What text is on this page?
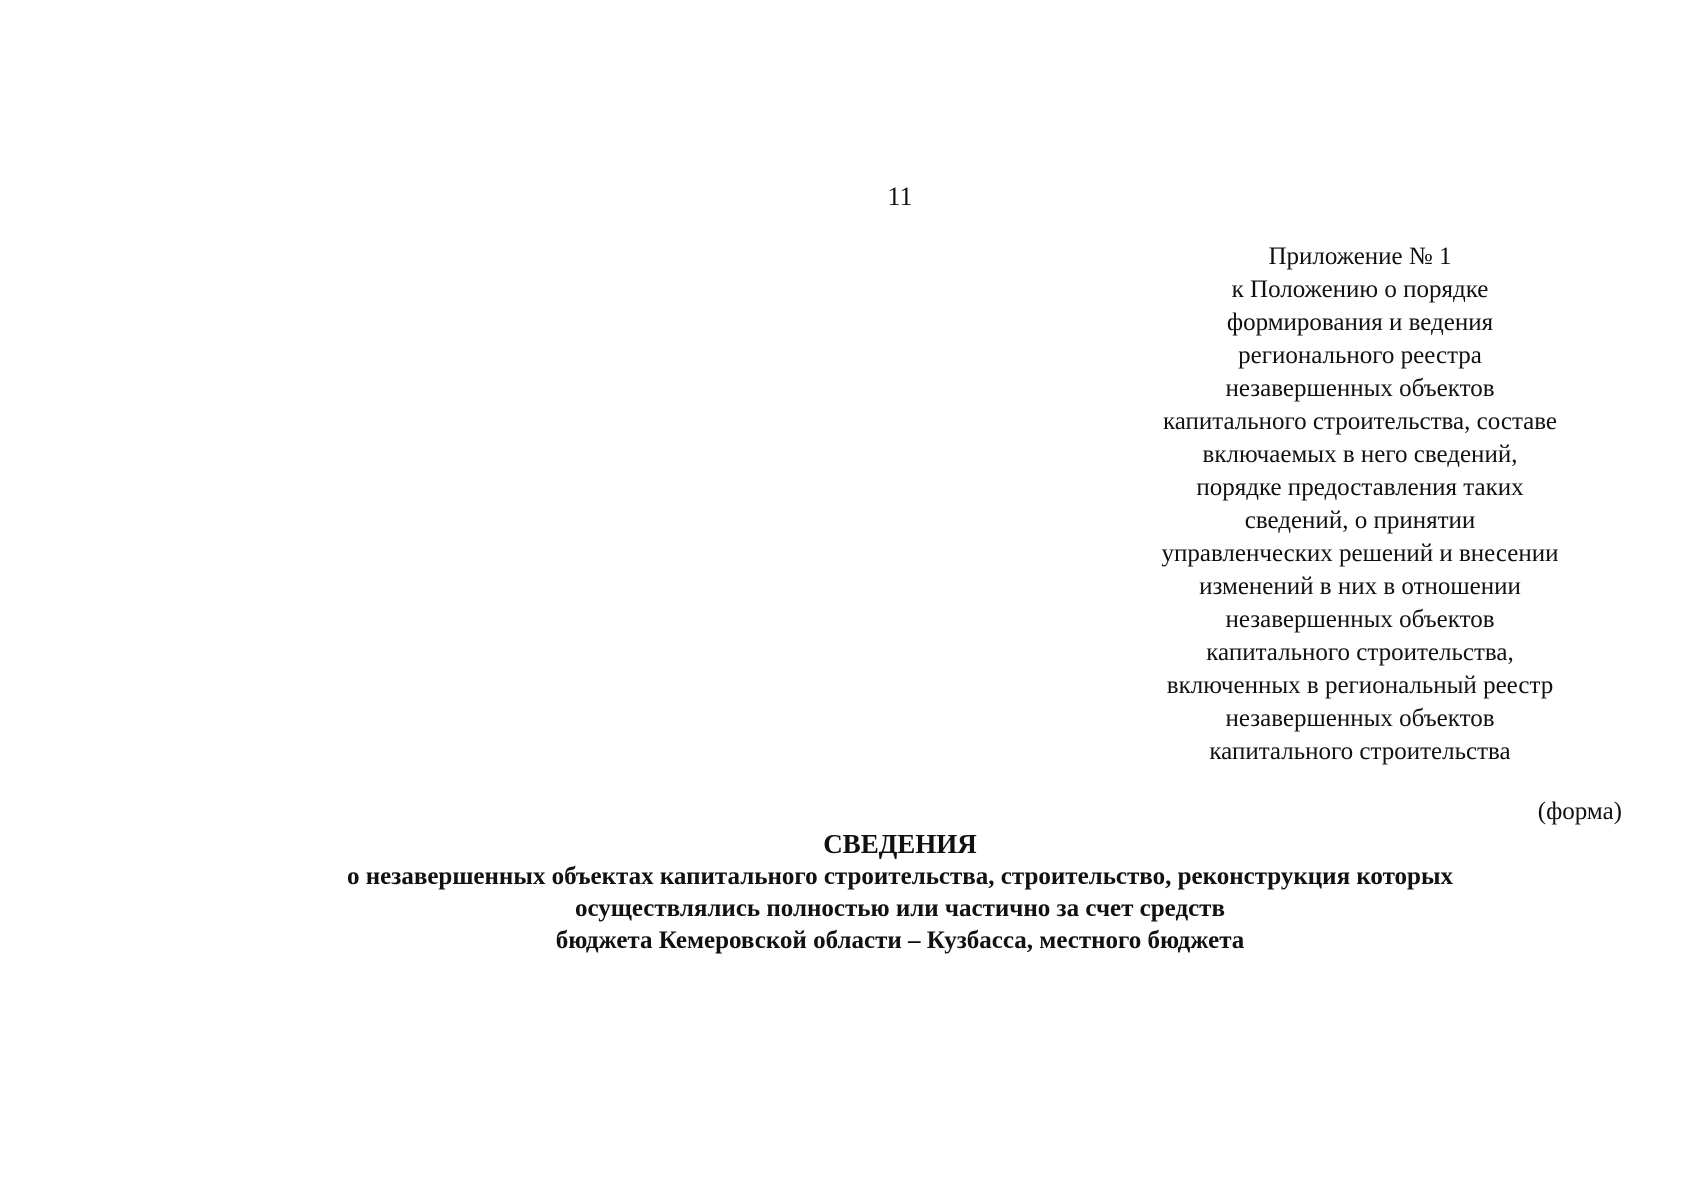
11
Приложение № 1
к Положению о порядке
формирования и ведения
регионального реестра
незавершенных объектов
капитального строительства, составе
включаемых в него сведений,
порядке предоставления таких
сведений, о принятии
управленческих решений и внесении
изменений в них в отношении
незавершенных объектов
капитального строительства,
включенных в региональный реестр
незавершенных объектов
капитального строительства
(форма)
СВЕДЕНИЯ
о незавершенных объектах капитального строительства, строительство, реконструкция которых
осуществлялись полностью или частично за счет средств
бюджета Кемеровской области – Кузбасса, местного бюджета
